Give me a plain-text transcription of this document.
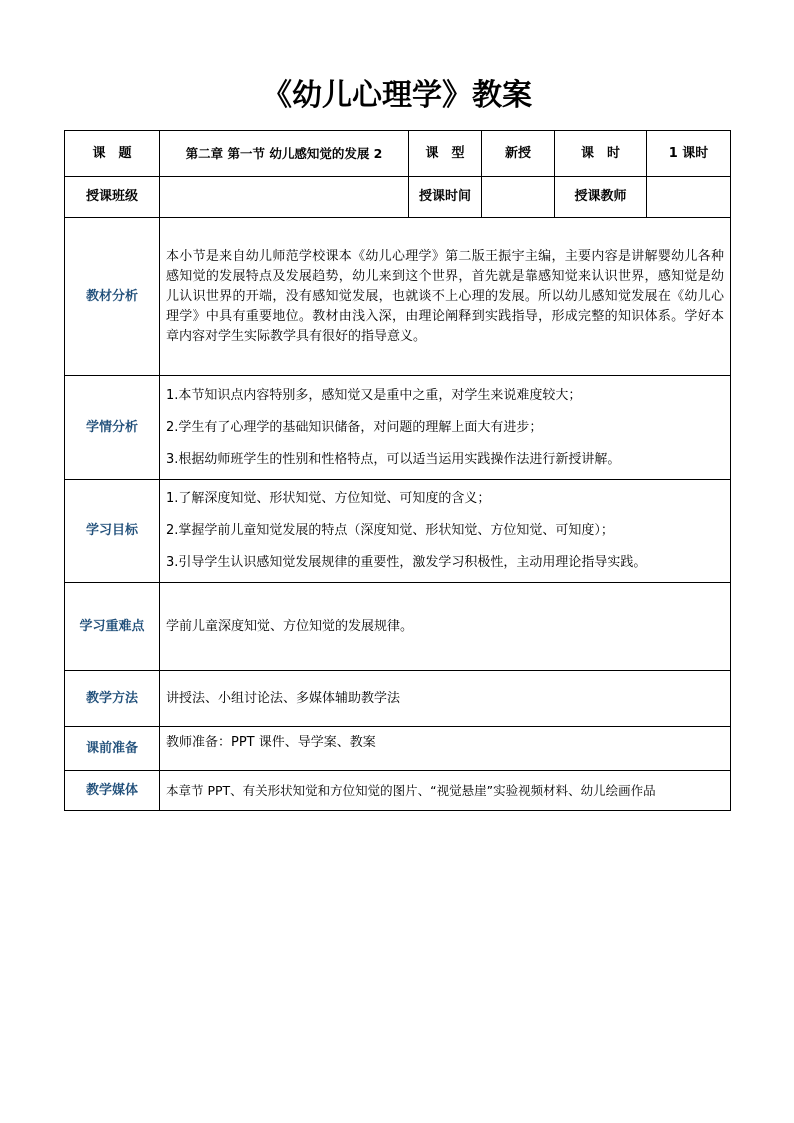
《幼儿心理学》教案
课　题	第二章 第一节 幼儿感知觉的发展 2	课　型	新授	课　时	1 课时
授课班级		授课时间		授课教师	
教材分析	本小节是来自幼儿师范学校课本《幼儿心理学》第二版王振宇主编，主要内容是讲解婴幼儿各种感知觉的发展特点及发展趋势，幼儿来到这个世界，首先就是靠感知觉来认识世界，感知觉是幼儿认识世界的开端，没有感知觉发展，也就谈不上心理的发展。所以幼儿感知觉发展在《幼儿心理学》中具有重要地位。教材由浅入深，由理论阐释到实践指导，形成完整的知识体系。学好本章内容对学生实际教学具有很好的指导意义。				
学情分析	1.本节知识点内容特别多，感知觉又是重中之重，对学生来说难度较大；
2.学生有了心理学的基础知识储备，对问题的理解上面大有进步；
3.根据幼师班学生的性别和性格特点，可以适当运用实践操作法进行新授讲解。				

学习目标	1.了解深度知觉、形状知觉、方位知觉、可知度的含义；
2.掌握学前儿童知觉发展的特点（深度知觉、形状知觉、方位知觉、可知度）；
3.引导学生认识感知觉发展规律的重要性，激发学习积极性，主动用理论指导实践。				

学习重难点	学前儿童深度知觉、方位知觉的发展规律。				
教学方法	讲授法、小组讨论法、多媒体辅助教学法				
课前准备	教师准备：PPT 课件、导学案、教案				
教学媒体	本章节 PPT、有关形状知觉和方位知觉的图片、“视觉悬崖”实验视频材料、幼儿绘画作品				
